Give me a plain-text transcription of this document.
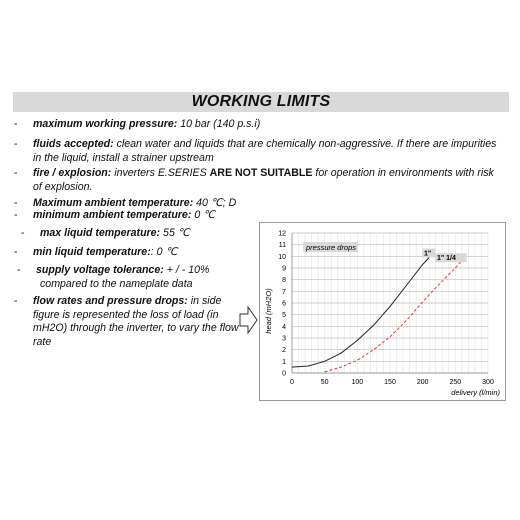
WORKING LIMITS
-	maximum working pressure: 10 bar (140 p.s.i)
-	fluids accepted: clean water and liquids that are chemically non-aggressive. If there are impurities in the liquid, install a strainer upstream
-	fire / explosion: inverters E.SERIES ARE NOT SUITABLE for operation in environments with risk of explosion.
-	Maximum ambient temperature: 40 ℃; D
-	minimum ambient temperature: 0 ℃
-	max liquid temperature: 55 ℃
-	min liquid temperature:: 0 ℃
-	supply voltage tolerance: + / - 10%
compared to the nameplate data
-	flow rates and pressure drops: in side figure is represented the loss of load (in mH2O) through the inverter, to vary the flow rate
0
1
2
3
4
5
6
7
8
9
10
11
12
0	50	100	150	200	250	300
1"
1" 1/4
pressure drops
head (mH2O)
delivery (l/min)
